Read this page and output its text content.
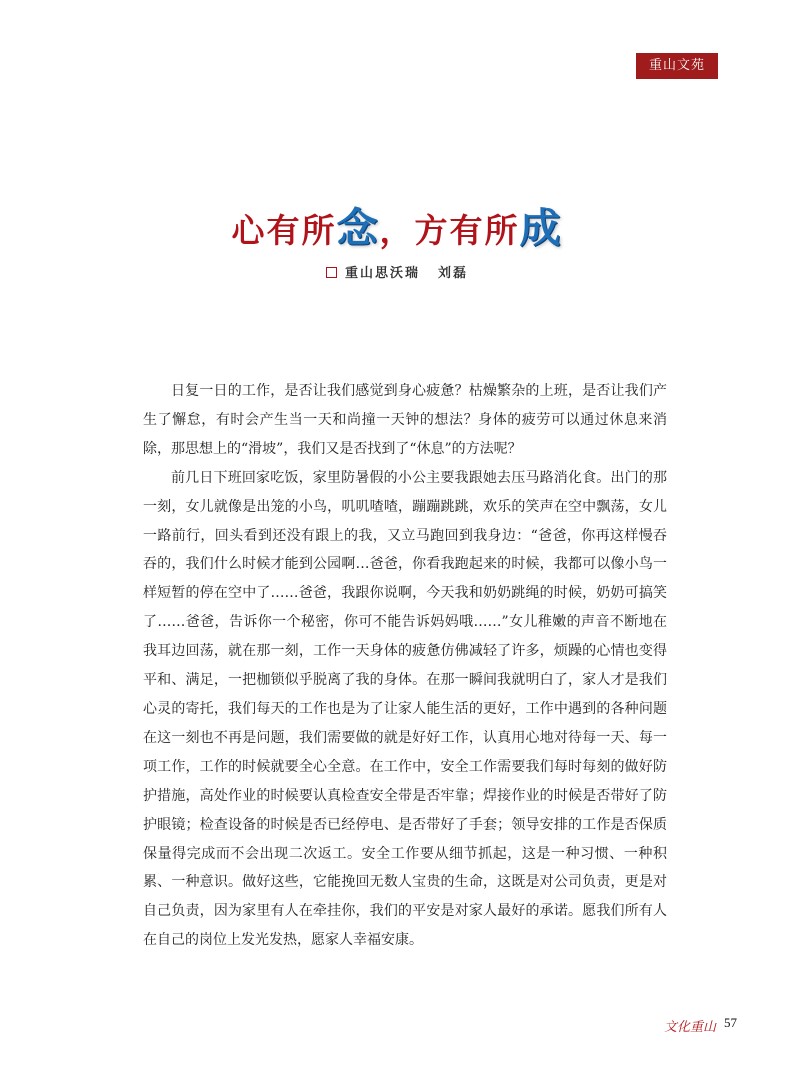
重山文苑
心有所念，方有所成
重山思沃瑞 刘磊

日复一日的工作，是否让我们感觉到身心疲惫？枯燥繁杂的上班，是否让我们产生了懈怠，有时会产生当一天和尚撞一天钟的想法？身体的疲劳可以通过休息来消除，那思想上的“滑坡”，我们又是否找到了“休息”的方法呢？

前几日下班回家吃饭，家里防暑假的小公主要我跟她去压马路消化食。出门的那一刻，女儿就像是出笼的小鸟，叽叽喳喳，蹦蹦跳跳，欢乐的笑声在空中飘荡，女儿一路前行，回头看到还没有跟上的我，又立马跑回到我身边：“爸爸，你再这样慢吞吞的，我们什么时候才能到公园啊…爸爸，你看我跑起来的时候，我都可以像小鸟一样短暂的停在空中了……爸爸，我跟你说啊，今天我和奶奶跳绳的时候，奶奶可搞笑了……爸爸，告诉你一个秘密，你可不能告诉妈妈哦……”女儿稚嫩的声音不断地在我耳边回荡，就在那一刻，工作一天身体的疲惫仿佛减轻了许多，烦躁的心情也变得平和、满足，一把枷锁似乎脱离了我的身体。在那一瞬间我就明白了，家人才是我们心灵的寄托，我们每天的工作也是为了让家人能生活的更好，工作中遇到的各种问题在这一刻也不再是问题，我们需要做的就是好好工作，认真用心地对待每一天、每一项工作，工作的时候就要全心全意。在工作中，安全工作需要我们每时每刻的做好防护措施，高处作业的时候要认真检查安全带是否牢靠；焊接作业的时候是否带好了防护眼镜；检查设备的时候是否已经停电、是否带好了手套；领导安排的工作是否保质保量得完成而不会出现二次返工。安全工作要从细节抓起，这是一种习惯、一种积累、一种意识。做好这些，它能挽回无数人宝贵的生命，这既是对公司负责，更是对自己负责，因为家里有人在牵挂你，我们的平安是对家人最好的承诺。愿我们所有人在自己的岗位上发光发热，愿家人幸福安康。

文化重山 57
